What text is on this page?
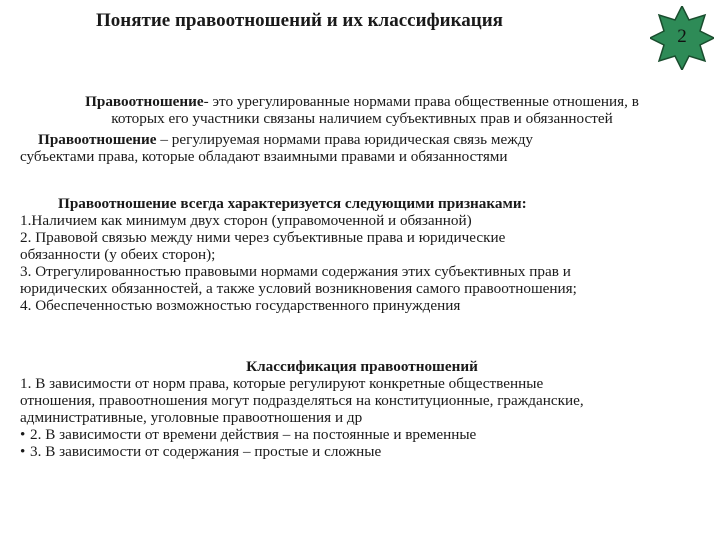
Понятие правоотношений и их классификация
2
Правоотношение- это урегулированные нормами права общественные отношения, в
которых его участники связаны наличием субъективных прав и обязанностей
Правоотношение – регулируемая нормами права юридическая связь между
субъектами права, которые обладают взаимными правами и обязанностями
Правоотношение всегда характеризуется следующими признаками:
1.Наличием как минимум двух сторон (управомоченной и обязанной)
2. Правовой связью между ними через субъективные права и юридические
обязанности (у обеих сторон);
3. Отрегулированностью правовыми нормами содержания этих субъективных прав и
юридических обязанностей, а также условий возникновения самого правоотношения;
4. Обеспеченностью возможностью государственного принуждения
Классификация правоотношений
1. В зависимости от норм права, которые регулируют конкретные общественные
отношения, правоотношения могут подразделяться на конституционные, гражданские,
административные, уголовные правоотношения и др
• 2. В зависимости от времени действия – на постоянные и временные
• 3. В зависимости от содержания – простые и сложные
